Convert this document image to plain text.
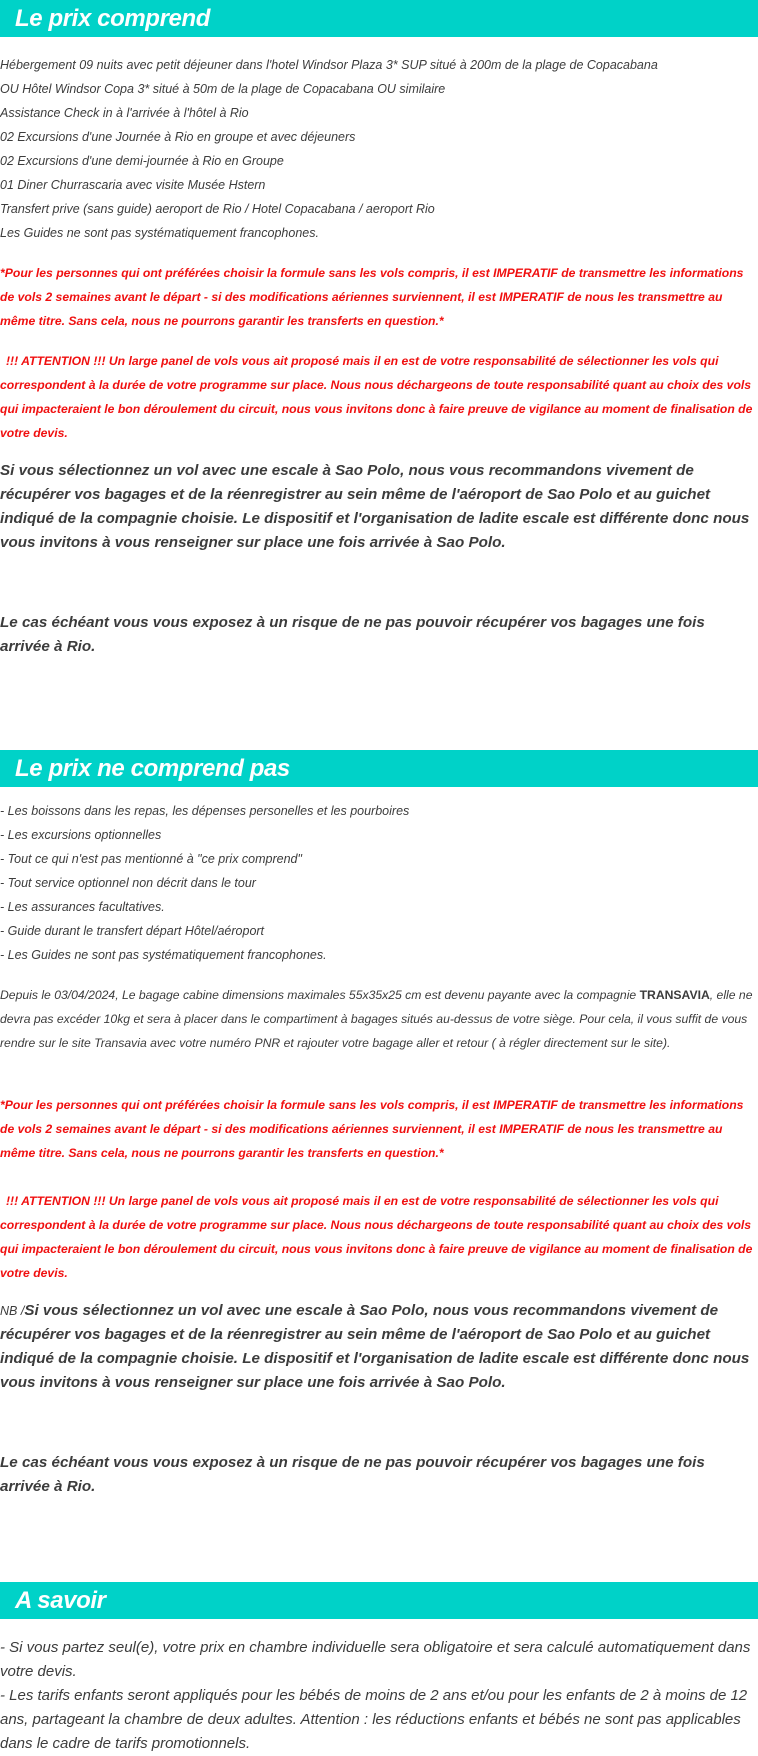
Le prix comprend
Hébergement 09 nuits avec petit déjeuner dans l'hotel Windsor Plaza 3* SUP situé à 200m de la plage de Copacabana
OU Hôtel Windsor Copa 3* situé à 50m de la plage de Copacabana OU similaire
Assistance Check in à l'arrivée à l'hôtel à Rio
02 Excursions d'une Journée à Rio en groupe et avec déjeuners
02 Excursions d'une demi-journée à Rio en Groupe
01 Diner Churrascaria avec visite Musée Hstern
Transfert prive (sans guide) aeroport de Rio / Hotel Copacabana / aeroport Rio
Les Guides ne sont pas systématiquement francophones.

*Pour les personnes qui ont préférées choisir la formule sans les vols compris, il est IMPERATIF de transmettre les informations de vols 2 semaines avant le départ - si des modifications aériennes surviennent, il est IMPERATIF de nous les transmettre au même titre. Sans cela, nous ne pourrons garantir les transferts en question.*

!!! ATTENTION !!! Un large panel de vols vous ait proposé mais il en est de votre responsabilité de sélectionner les vols qui correspondent à la durée de votre programme sur place. Nous nous déchargeons de toute responsabilité quant au choix des vols qui impacteraient le bon déroulement du circuit, nous vous invitons donc à faire preuve de vigilance au moment de finalisation de votre devis.

Si vous sélectionnez un vol avec une escale à Sao Polo, nous vous recommandons vivement de récupérer vos bagages et de la réenregistrer au sein même de l'aéroport de Sao Polo et au guichet indiqué de la compagnie choisie. Le dispositif et l'organisation de ladite escale est différente donc nous vous invitons à vous renseigner sur place une fois arrivée à Sao Polo.

Le cas échéant vous vous exposez à un risque de ne pas pouvoir récupérer vos bagages une fois arrivée à Rio.

Le prix ne comprend pas
- Les boissons dans les repas, les dépenses personelles et les pourboires
- Les excursions optionnelles
- Tout ce qui n'est pas mentionné à "ce prix comprend"
- Tout service optionnel non décrit dans le tour
- Les assurances facultatives.
- Guide durant le transfert départ Hôtel/aéroport
- Les Guides ne sont pas systématiquement francophones.

Depuis le 03/04/2024, Le bagage cabine dimensions maximales 55x35x25 cm est devenu payante avec la compagnie TRANSAVIA, elle ne devra pas excéder 10kg et sera à placer dans le compartiment à bagages situés au-dessus de votre siège. Pour cela, il vous suffit de vous rendre sur le site Transavia avec votre numéro PNR et rajouter votre bagage aller et retour ( à régler directement sur le site).

*Pour les personnes qui ont préférées choisir la formule sans les vols compris, il est IMPERATIF de transmettre les informations de vols 2 semaines avant le départ - si des modifications aériennes surviennent, il est IMPERATIF de nous les transmettre au même titre. Sans cela, nous ne pourrons garantir les transferts en question.*

!!! ATTENTION !!! Un large panel de vols vous ait proposé mais il en est de votre responsabilité de sélectionner les vols qui correspondent à la durée de votre programme sur place. Nous nous déchargeons de toute responsabilité quant au choix des vols qui impacteraient le bon déroulement du circuit, nous vous invitons donc à faire preuve de vigilance au moment de finalisation de votre devis.

NB /Si vous sélectionnez un vol avec une escale à Sao Polo, nous vous recommandons vivement de récupérer vos bagages et de la réenregistrer au sein même de l'aéroport de Sao Polo et au guichet indiqué de la compagnie choisie. Le dispositif et l'organisation de ladite escale est différente donc nous vous invitons à vous renseigner sur place une fois arrivée à Sao Polo.

Le cas échéant vous vous exposez à un risque de ne pas pouvoir récupérer vos bagages une fois arrivée à Rio.

A savoir

- Si vous partez seul(e), votre prix en chambre individuelle sera obligatoire et sera calculé automatiquement dans votre devis.

- Les tarifs enfants seront appliqués pour les bébés de moins de 2 ans et/ou pour les enfants de 2 à moins de 12 ans, partageant la chambre de deux adultes. Attention : les réductions enfants et bébés ne sont pas applicables dans le cadre de tarifs promotionnels.
